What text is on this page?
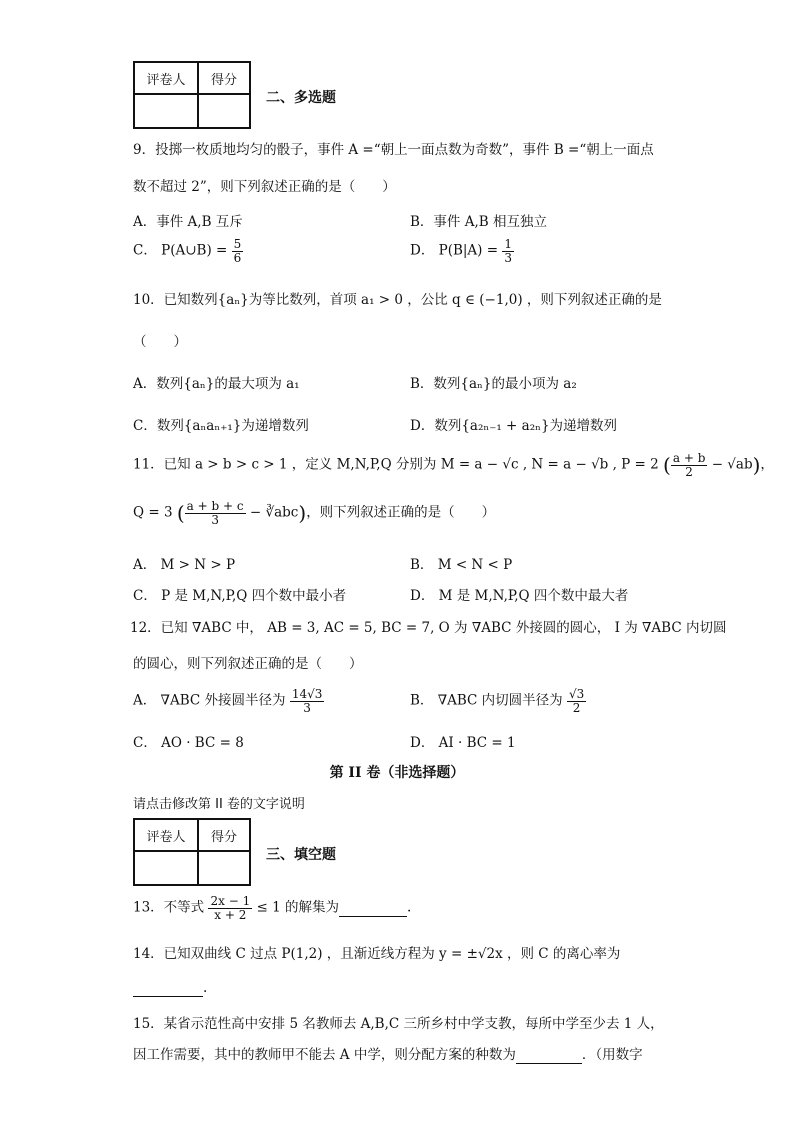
评卷人	得分

二、多选题
9．投掷一枚质地均匀的骰子，事件 A =“朝上一面点数为奇数”，事件 B =“朝上一面点
数不超过 2”，则下列叙述正确的是（　　）
A．事件 A,B 互斥	B．事件 A,B 相互独立
C． P(A∪B) = $\frac{5}{6}$	D． $P(B|A) = \frac{1}{3}$
10．已知数列{aₙ}为等比数列，首项 a₁ > 0 ，公比 q ∈ (−1,0) ，则下列叙述正确的是
（　　）
A．数列{aₙ}的最大项为 a₁	B．数列{aₙ}的最小项为 a₂
C．数列{aₙaₙ₊₁}为递增数列	D．数列{a₂ₙ₋₁ + a₂ₙ}为递增数列
11．已知 a > b > c > 1 ，定义 M,N,P,Q 分别为 M = a − √c , N = a − √b , P = 2 ( $\frac{a + b}{2} - √ab$)，
Q = 3 ( $\frac{a + b + c}{3}$ − ∛abc)，则下列叙述正确的是（　　）
A． M > N > P	B． M < N < P
C． P 是 M,N,P,Q 四个数中最小者	D． M 是 M,N,P,Q 四个数中最大者
12．已知 ∇ABC 中， AB = 3, AC = 5, BC = 7, O 为 ∇ABC 外接圆的圆心， I 为 ∇ABC 内切圆
的圆心，则下列叙述正确的是（　　）
A． ∇ABC 外接圆半径为 $\frac{14√3}{3}$	B． ∇ABC 内切圆半径为 $\frac{√3}{2}$
C． AO · BC = 8	D． AI · BC = 1
第 II 卷（非选择题）
请点击修改第 II 卷的文字说明
评卷人	得分

三、填空题
13．不等式 $\frac{2x - 1}{x + 2} \le 1$ 的解集为	.
14．已知双曲线 C 过点 P(1,2) ，且渐近线方程为 y = ±√2x ，则 C 的离心率为
.
15．某省示范性高中安排 5 名教师去 A,B,C 三所乡村中学支教，每所中学至少去 1 人，
因工作需要，其中的教师甲不能去 A 中学，则分配方案的种数为	．（用数字
